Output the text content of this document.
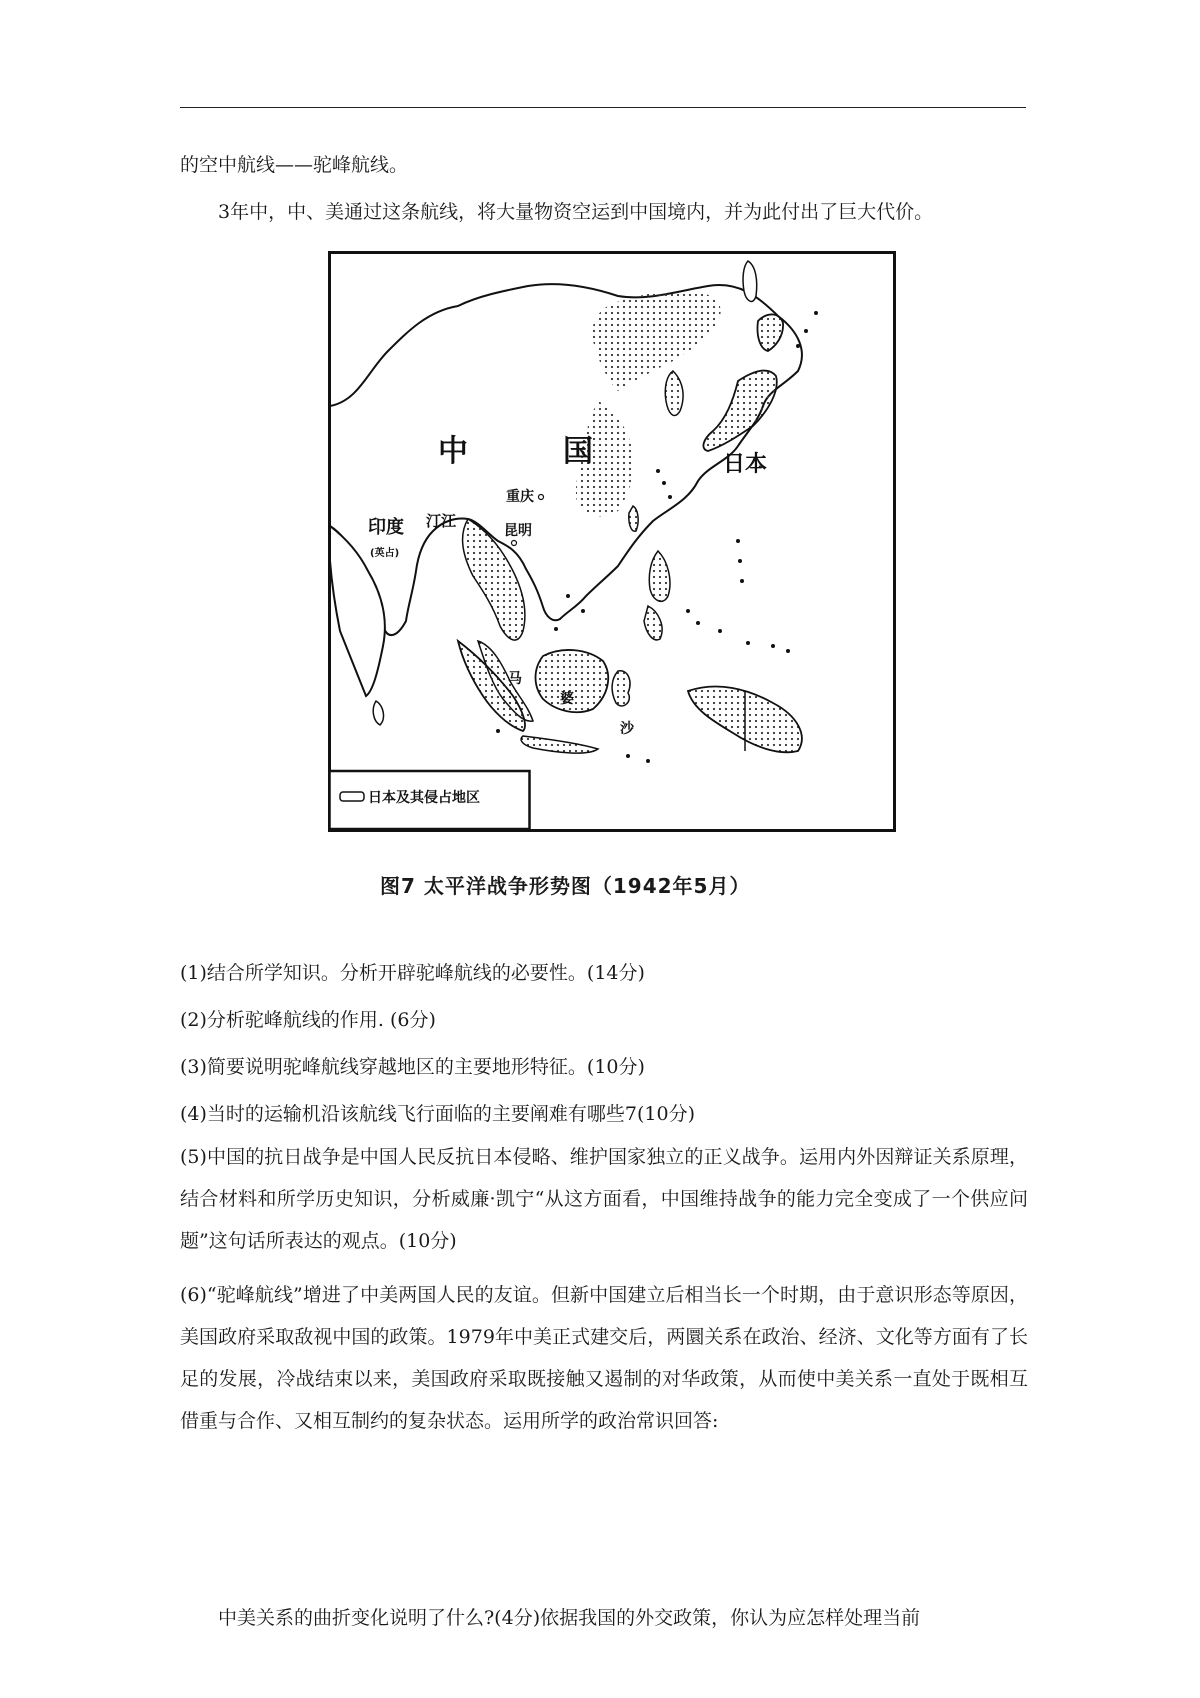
的空中航线——驼峰航线。
3年中，中、美通过这条航线，将大量物资空运到中国境内，并为此付出了巨大代价。
中	国	日本
印度
(英占)
汀江
重庆
昆明
马
婆
沙
日本及其侵占地区
图7 太平洋战争形势图（1942年5月）
(1)结合所学知识。分析开辟驼峰航线的必要性。(14分)
(2)分析驼峰航线的作用. (6分)
(3)简要说明驼峰航线穿越地区的主要地形特征。(10分)
(4)当时的运输机沿该航线飞行面临的主要阐难有哪些7(10分)
(5)中国的抗日战争是中国人民反抗日本侵略、维护国家独立的正义战争。运用内外因辩证关系原理，结合材料和所学历史知识，分析威廉·凯宁“从这方面看，中国维持战争的能力完全变成了一个供应问题”这句话所表达的观点。(10分)
(6)“驼峰航线”增进了中美两国人民的友谊。但新中国建立后相当长一个时期，由于意识形态等原因，美国政府采取敌视中国的政策。1979年中美正式建交后，两圜关系在政治、经济、文化等方面有了长足的发展，冷战结束以来，美国政府采取既接触又遏制的对华政策，从而使中美关系一直处于既相互借重与合作、又相互制约的复杂状态。运用所学的政治常识回答:
中美关系的曲折变化说明了什么?(4分)依据我国的外交政策，你认为应怎样处理当前
